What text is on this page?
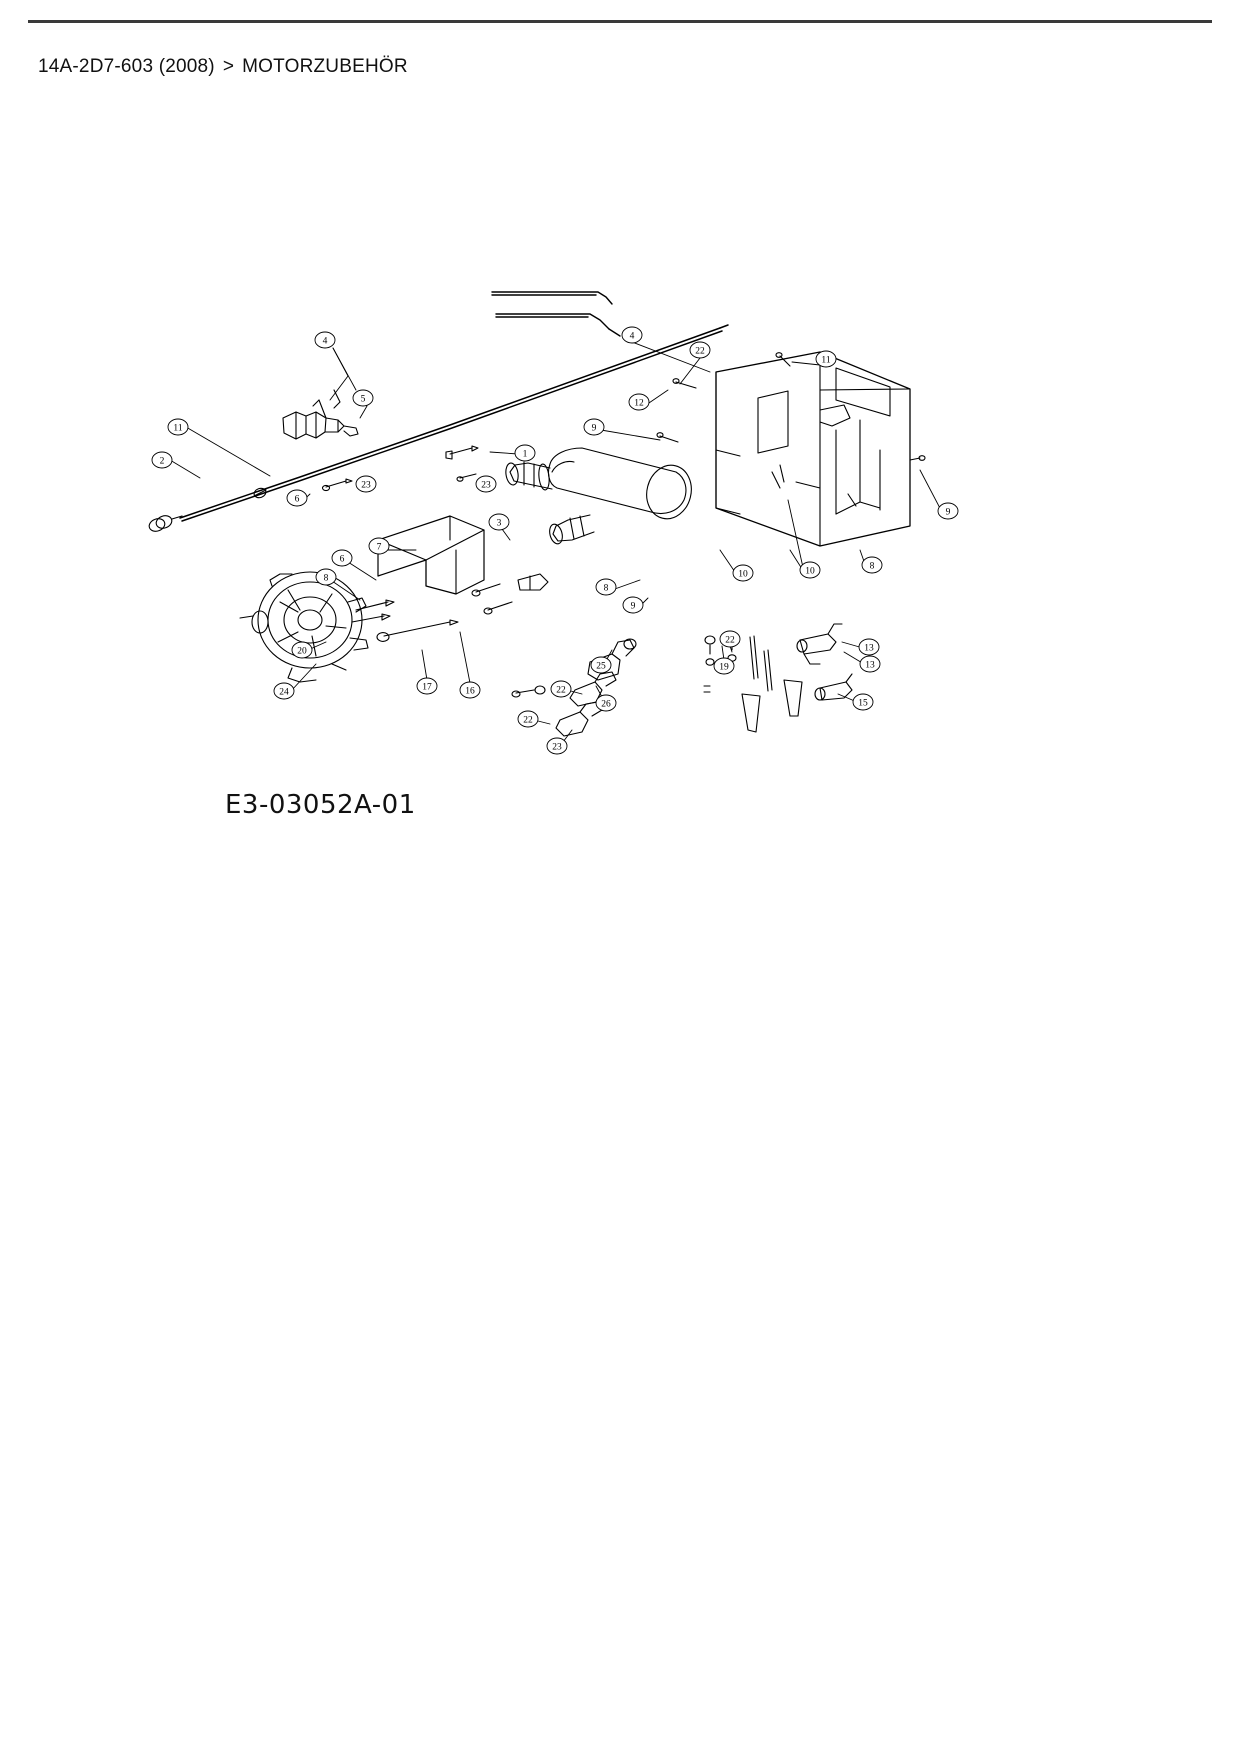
14A-2D7-603 (2008) > MOTORZUBEHÖR
4
5
11
2
6
23
1
23
9
4
22
12
11
3
7
6
8
8
9
10	10	8
9
20
24	17	16
26
25
22
22
23
19
22
13
13
15
E3-03052A-01
